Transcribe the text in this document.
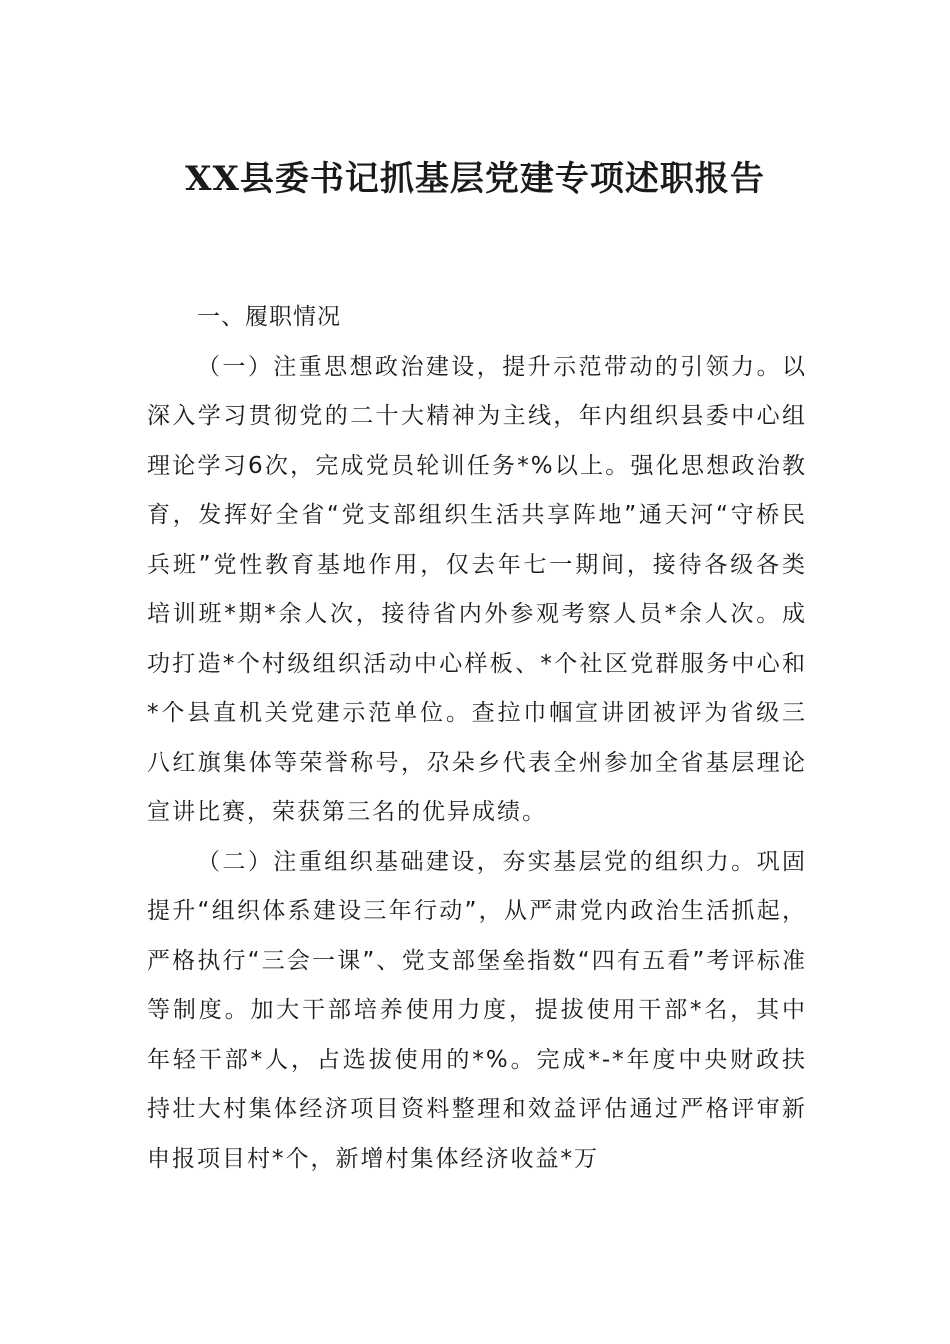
XX县委书记抓基层党建专项述职报告

一、履职情况

（一）注重思想政治建设，提升示范带动的引领力。以深入学习贯彻党的二十大精神为主线，年内组织县委中心组理论学习6次，完成党员轮训任务*%以上。强化思想政治教育，发挥好全省“党支部组织生活共享阵地”通天河“守桥民兵班”党性教育基地作用，仅去年七一期间，接待各级各类培训班*期*余人次，接待省内外参观考察人员*余人次。成功打造*个村级组织活动中心样板、*个社区党群服务中心和*个县直机关党建示范单位。查拉巾帼宣讲团被评为省级三八红旗集体等荣誉称号，尕朵乡代表全州参加全省基层理论宣讲比赛，荣获第三名的优异成绩。

（二）注重组织基础建设，夯实基层党的组织力。巩固提升“组织体系建设三年行动”，从严肃党内政治生活抓起，严格执行“三会一课”、党支部堡垒指数“四有五看”考评标准等制度。加大干部培养使用力度，提拔使用干部*名，其中年轻干部*人，占选拔使用的*%。完成*-*年度中央财政扶持壮大村集体经济项目资料整理和效益评估通过严格评审新申报项目村*个，新增村集体经济收益*万
